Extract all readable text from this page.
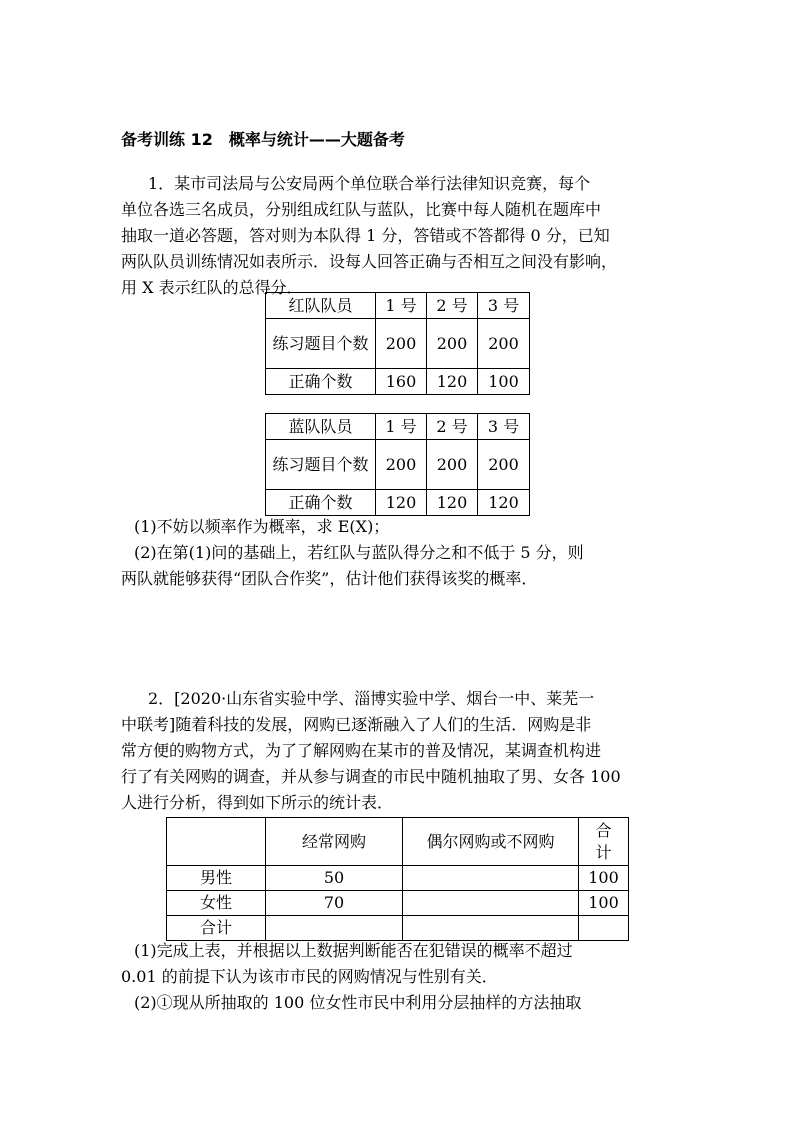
备考训练 12　概率与统计——大题备考
1．某市司法局与公安局两个单位联合举行法律知识竞赛，每个
单位各选三名成员，分别组成红队与蓝队，比赛中每人随机在题库中
抽取一道必答题，答对则为本队得 1 分，答错或不答都得 0 分，已知
两队队员训练情况如表所示．设每人回答正确与否相互之间没有影响，
用 X 表示红队的总得分．
红队队员	1 号	2 号	3 号
练习题目个数	200	200	200
正确个数	160	120	100
蓝队队员	1 号	2 号	3 号
练习题目个数	200	200	200
正确个数	120	120	120
(1)不妨以频率作为概率，求 E(X)；
(2)在第(1)问的基础上，若红队与蓝队得分之和不低于 5 分，则
两队就能够获得“团队合作奖”，估计他们获得该奖的概率．
2．[2020·山东省实验中学、淄博实验中学、烟台一中、莱芜一
中联考]随着科技的发展，网购已逐渐融入了人们的生活．网购是非
常方便的购物方式，为了了解网购在某市的普及情况，某调查机构进
行了有关网购的调查，并从参与调查的市民中随机抽取了男、女各 100
人进行分析，得到如下所示的统计表．
	经常网购	偶尔网购或不网购	合计
男性	50		100
女性	70		100
合计			
(1)完成上表，并根据以上数据判断能否在犯错误的概率不超过
0.01 的前提下认为该市市民的网购情况与性别有关．
(2)①现从所抽取的 100 位女性市民中利用分层抽样的方法抽取
